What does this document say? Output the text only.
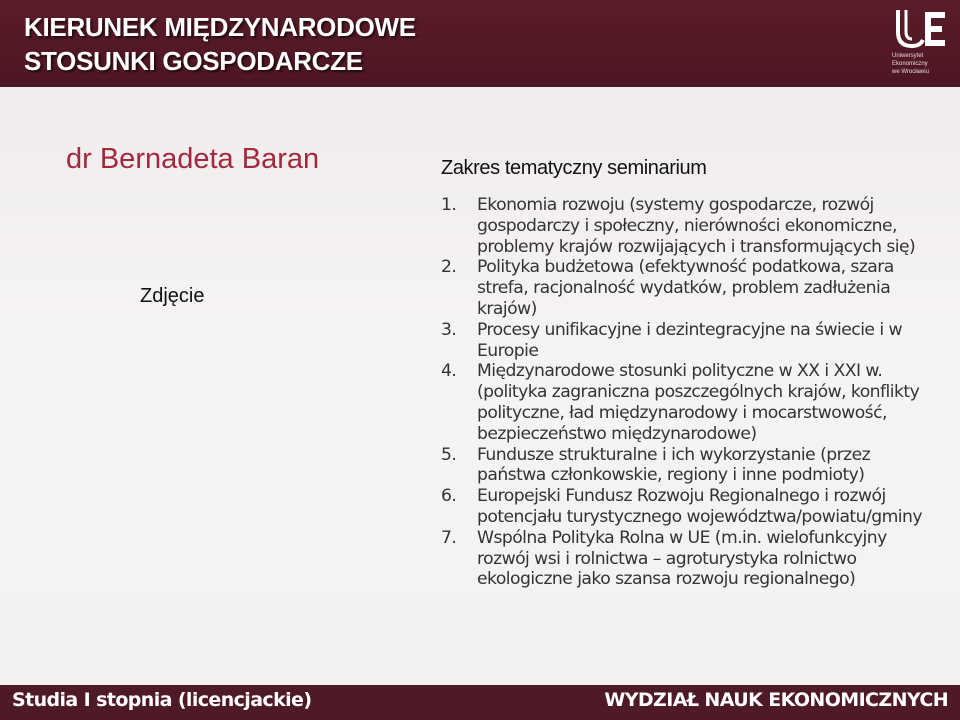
KIERUNEK MIĘDZYNARODOWE
STOSUNKI GOSPODARCZE	Uniwersytet
Ekonomiczny
we Wrocławiu
dr Bernadeta Baran
Zdjęcie
Zakres tematyczny seminarium
1. Ekonomia rozwoju (systemy gospodarcze, rozwój gospodarczy i społeczny, nierówności ekonomiczne, problemy krajów rozwijających i transformujących się)
2. Polityka budżetowa (efektywność podatkowa, szara strefa, racjonalność wydatków, problem zadłużenia krajów)
3. Procesy unifikacyjne i dezintegracyjne na świecie i w Europie
4. Międzynarodowe stosunki polityczne w XX i XXI w. (polityka zagraniczna poszczególnych krajów, konflikty polityczne, ład międzynarodowy i mocarstwowość, bezpieczeństwo międzynarodowe)
5. Fundusze strukturalne i ich wykorzystanie (przez państwa członkowskie, regiony i inne podmioty)
6. Europejski Fundusz Rozwoju Regionalnego i rozwój potencjału turystycznego województwa/powiatu/gminy
7. Wspólna Polityka Rolna w UE (m.in. wielofunkcyjny rozwój wsi i rolnictwa – agroturystyka rolnictwo ekologiczne jako szansa rozwoju regionalnego)
Studia I stopnia (licencjackie)	WYDZIAŁ NAUK EKONOMICZNYCH
